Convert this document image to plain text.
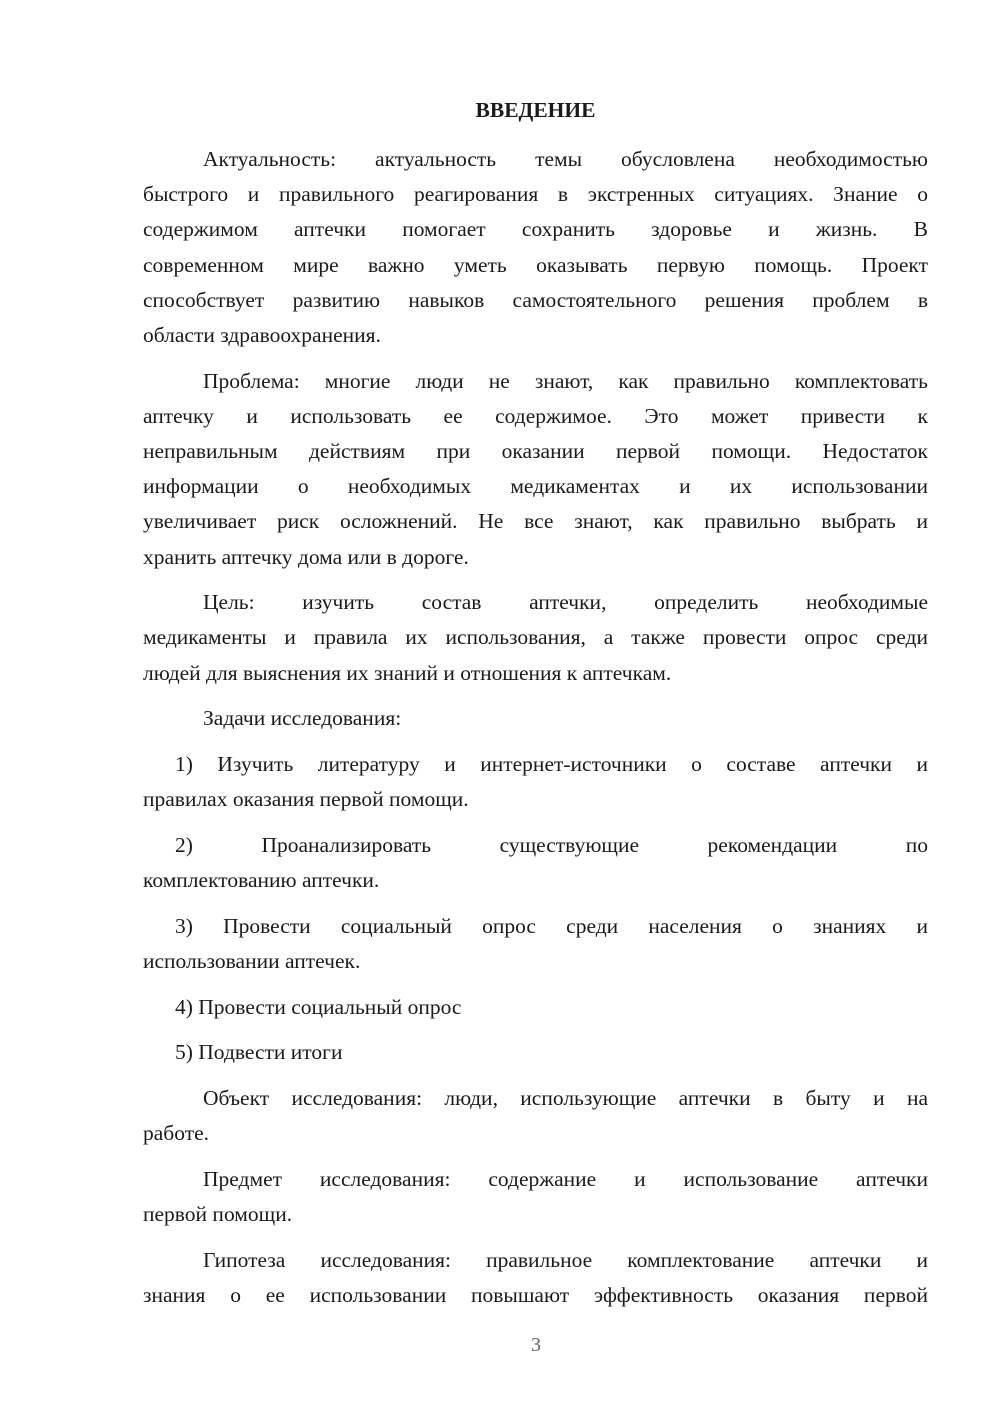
ВВЕДЕНИЕ
Актуальность: актуальность темы обусловлена необходимостью
быстрого и правильного реагирования в экстренных ситуациях. Знание о
содержимом аптечки помогает сохранить здоровье и жизнь. В
современном мире важно уметь оказывать первую помощь. Проект
способствует развитию навыков самостоятельного решения проблем в
области здравоохранения.
Проблема: многие люди не знают, как правильно комплектовать
аптечку и использовать ее содержимое. Это может привести к
неправильным действиям при оказании первой помощи. Недостаток
информации о необходимых медикаментах и их использовании
увеличивает риск осложнений. Не все знают, как правильно выбрать и
хранить аптечку дома или в дороге.
Цель: изучить состав аптечки, определить необходимые
медикаменты и правила их использования, а также провести опрос среди
людей для выяснения их знаний и отношения к аптечкам.
Задачи исследования:
1) Изучить литературу и интернет-источники о составе аптечки и
правилах оказания первой помощи.
2) Проанализировать существующие рекомендации по
комплектованию аптечки.
3) Провести социальный опрос среди населения о знаниях и
использовании аптечек.
4) Провести социальный опрос
5) Подвести итоги
Объект исследования: люди, использующие аптечки в быту и на
работе.
Предмет исследования: содержание и использование аптечки
первой помощи.
Гипотеза исследования: правильное комплектование аптечки и
знания о ее использовании повышают эффективность оказания первой
3
